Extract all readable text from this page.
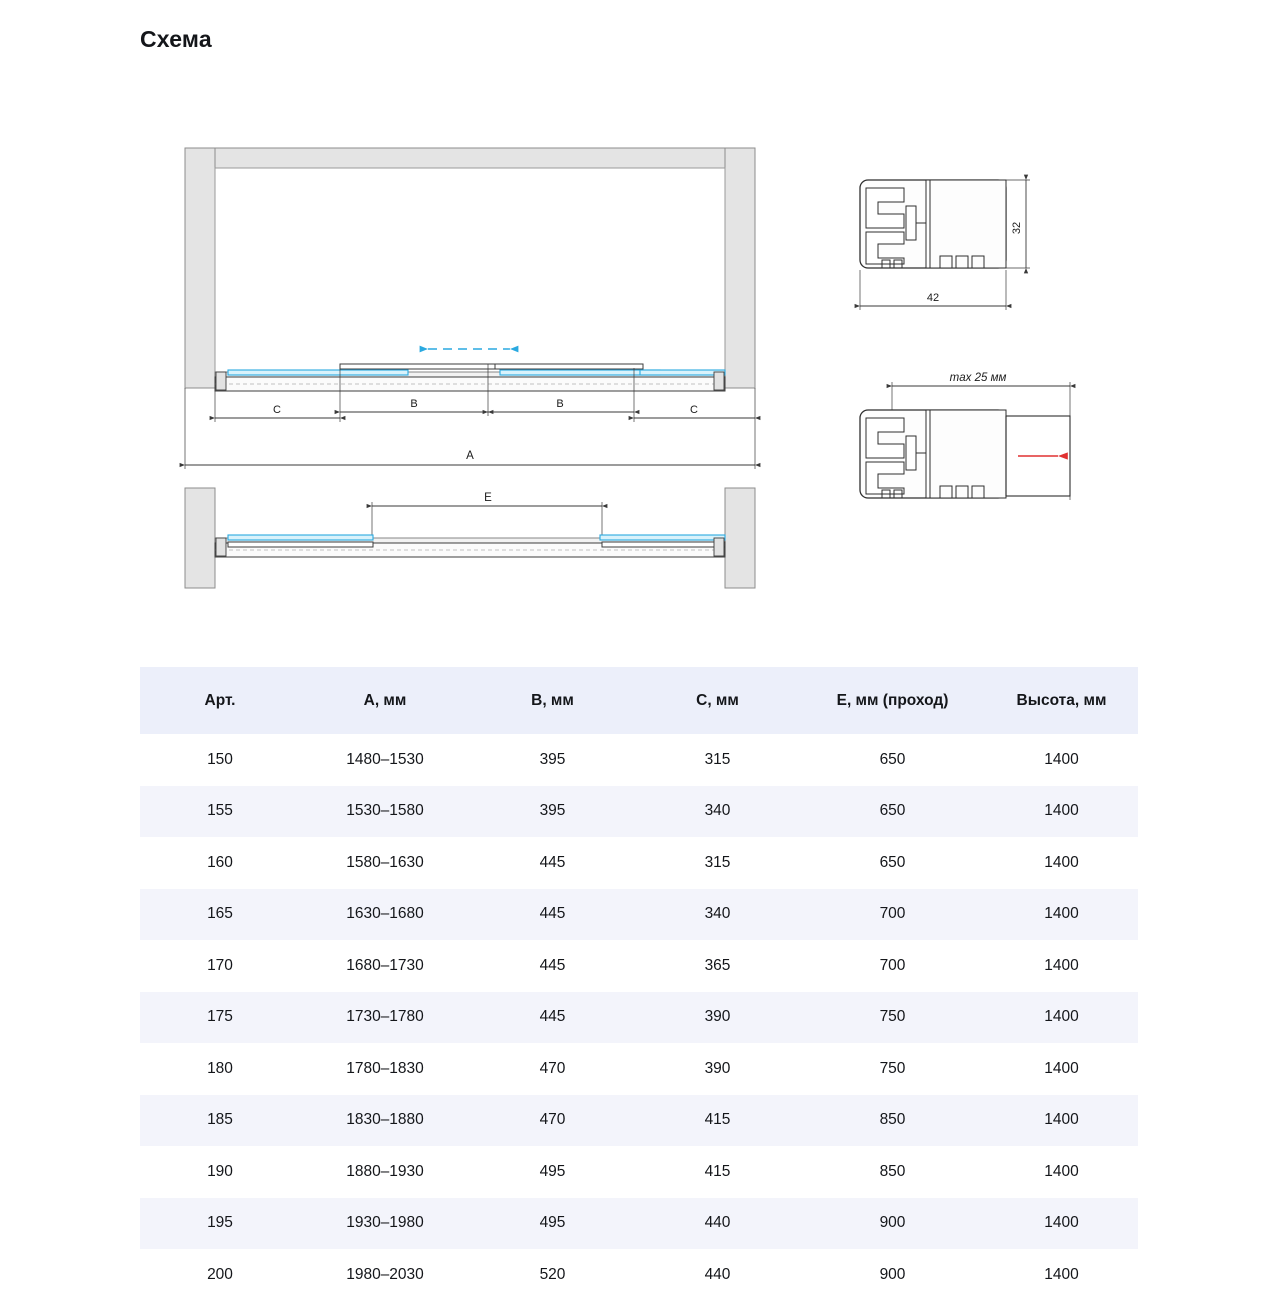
Схема
C	B	B	C
A
E
32
42
max 25 мм
Арт.	A, мм	B, мм	C, мм	E, мм (проход)	Высота, мм
150	1480–1530	395	315	650	1400
155	1530–1580	395	340	650	1400
160	1580–1630	445	315	650	1400
165	1630–1680	445	340	700	1400
170	1680–1730	445	365	700	1400
175	1730–1780	445	390	750	1400
180	1780–1830	470	390	750	1400
185	1830–1880	470	415	850	1400
190	1880–1930	495	415	850	1400
195	1930–1980	495	440	900	1400
200	1980–2030	520	440	900	1400
